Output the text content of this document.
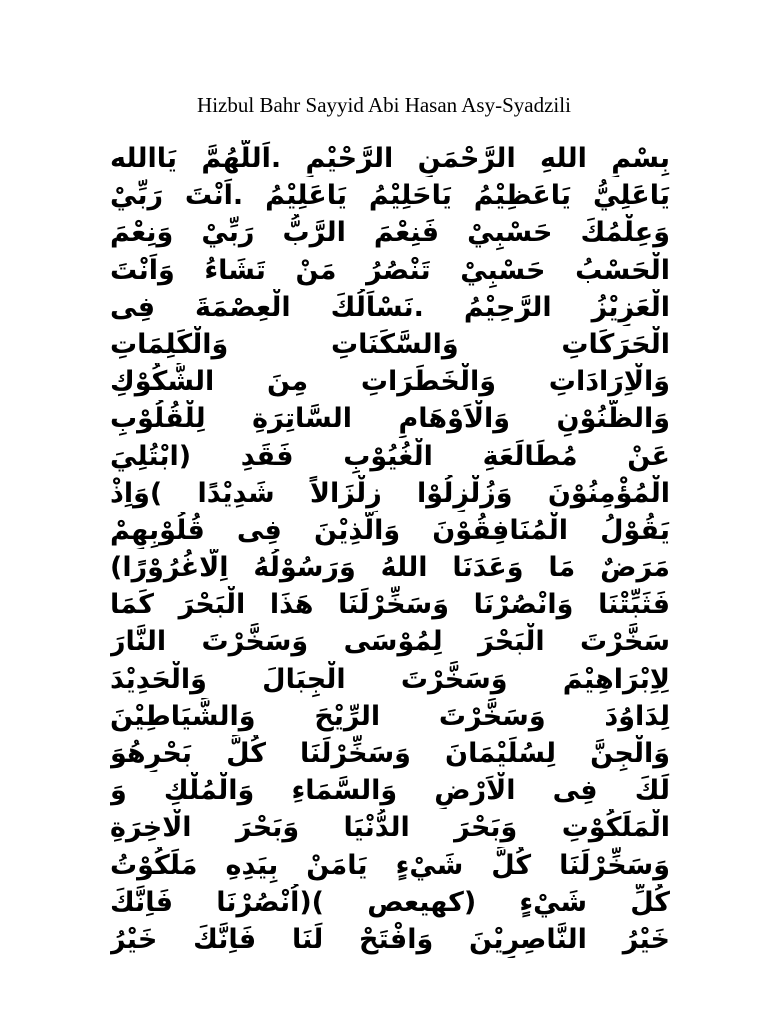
Hizbul Bahr Sayyid Abi Hasan Asy-Syadzili
بِسْمِ اللهِ الرَّحْمَنِ الرَّحْيْمِ .اَللَّهُمَّ يَاالله
يَاعَلِيُّ يَاعَظِيْمُ يَاحَلِيْمُ يَاعَلِيْمُ .اَنْتَ رَبِّيْ
وَعِلْمُكَ حَسْبِيْ فَنِعْمَ الرَّبُّ رَبِّيْ وَنِعْمَ
الْحَسْبُ حَسْبِيْ تَنْصُرُ مَنْ تَشَاءُ وَاَنْتَ
الْعَزِيْزُ الرَّحِيْمُ .نَسْاَلُكَ الْعِصْمَةَ فِى
الْحَرَكَاتِ وَالسَّكَنَاتِ وَالْكَلِمَاتِ
وَالْاِرَادَاتِ وَالْخَطَرَاتِ مِنَ الشُّكُوْكِ
وَالظُّنُوْنِ وَالْاَوْهَامِ السَّاتِرَةِ لِلْقُلُوْبِ
عَنْ مُطَالَعَةِ الْغُيُوْبِ فَقَدِ (ابْتُلِيَ
الْمُؤْمِنُوْنَ وَزُلْزِلُوْا زِلْزَالاً شَدِيْدًا )وَاِذْ
يَقُوْلُ الْمُنَافِقُوْنَ وَالَّذِيْنَ فِى قُلُوْبِهِمْ
مَرَضٌ مَا وَعَدَنَا اللهُ وَرَسُوْلُهُ اِلَّاغُرُوْرًا)
فَثَبِّتْنَا وَانْصُرْنَا وَسَخِّرْلَنَا هَذَا الْبَحْرَ كَمَا
سَخَّرْتَ الْبَحْرَ لِمُوْسَى وَسَخَّرْتَ النَّارَ
لِاِبْرَاهِيْمَ وَسَخَّرْتَ الْجِبَالَ وَالْحَدِيْدَ
لِدَاوُدَ وَسَخَّرْتَ الرِّيْحَ وَالشَّيَاطِيْنَ
وَالْجِنَّ لِسُلَيْمَانَ وَسَخِّرْلَنَا كُلَّ بَحْرٍهُوَ
لَكَ فِى الْاَرْضِ وَالسَّمَاءِ وَالْمُلْكِ وَ
الْمَلَكُوْتِ وَبَحْرَ الدُّنْيَا وَبَحْرَ الْاخِرَةِ
وَسَخِّرْلَنَا كُلَّ شَيْءٍ يَامَنْ بِيَدِهِ مَلَكُوْتُ
كُلِّ شَيْءٍ (كهيعص )(اُنْصُرْنَا فَاِنَّكَ
خَيْرُ النَّاصِرِيْنَ وَافْتَحْ لَنَا فَاِنَّكَ خَيْرُ
